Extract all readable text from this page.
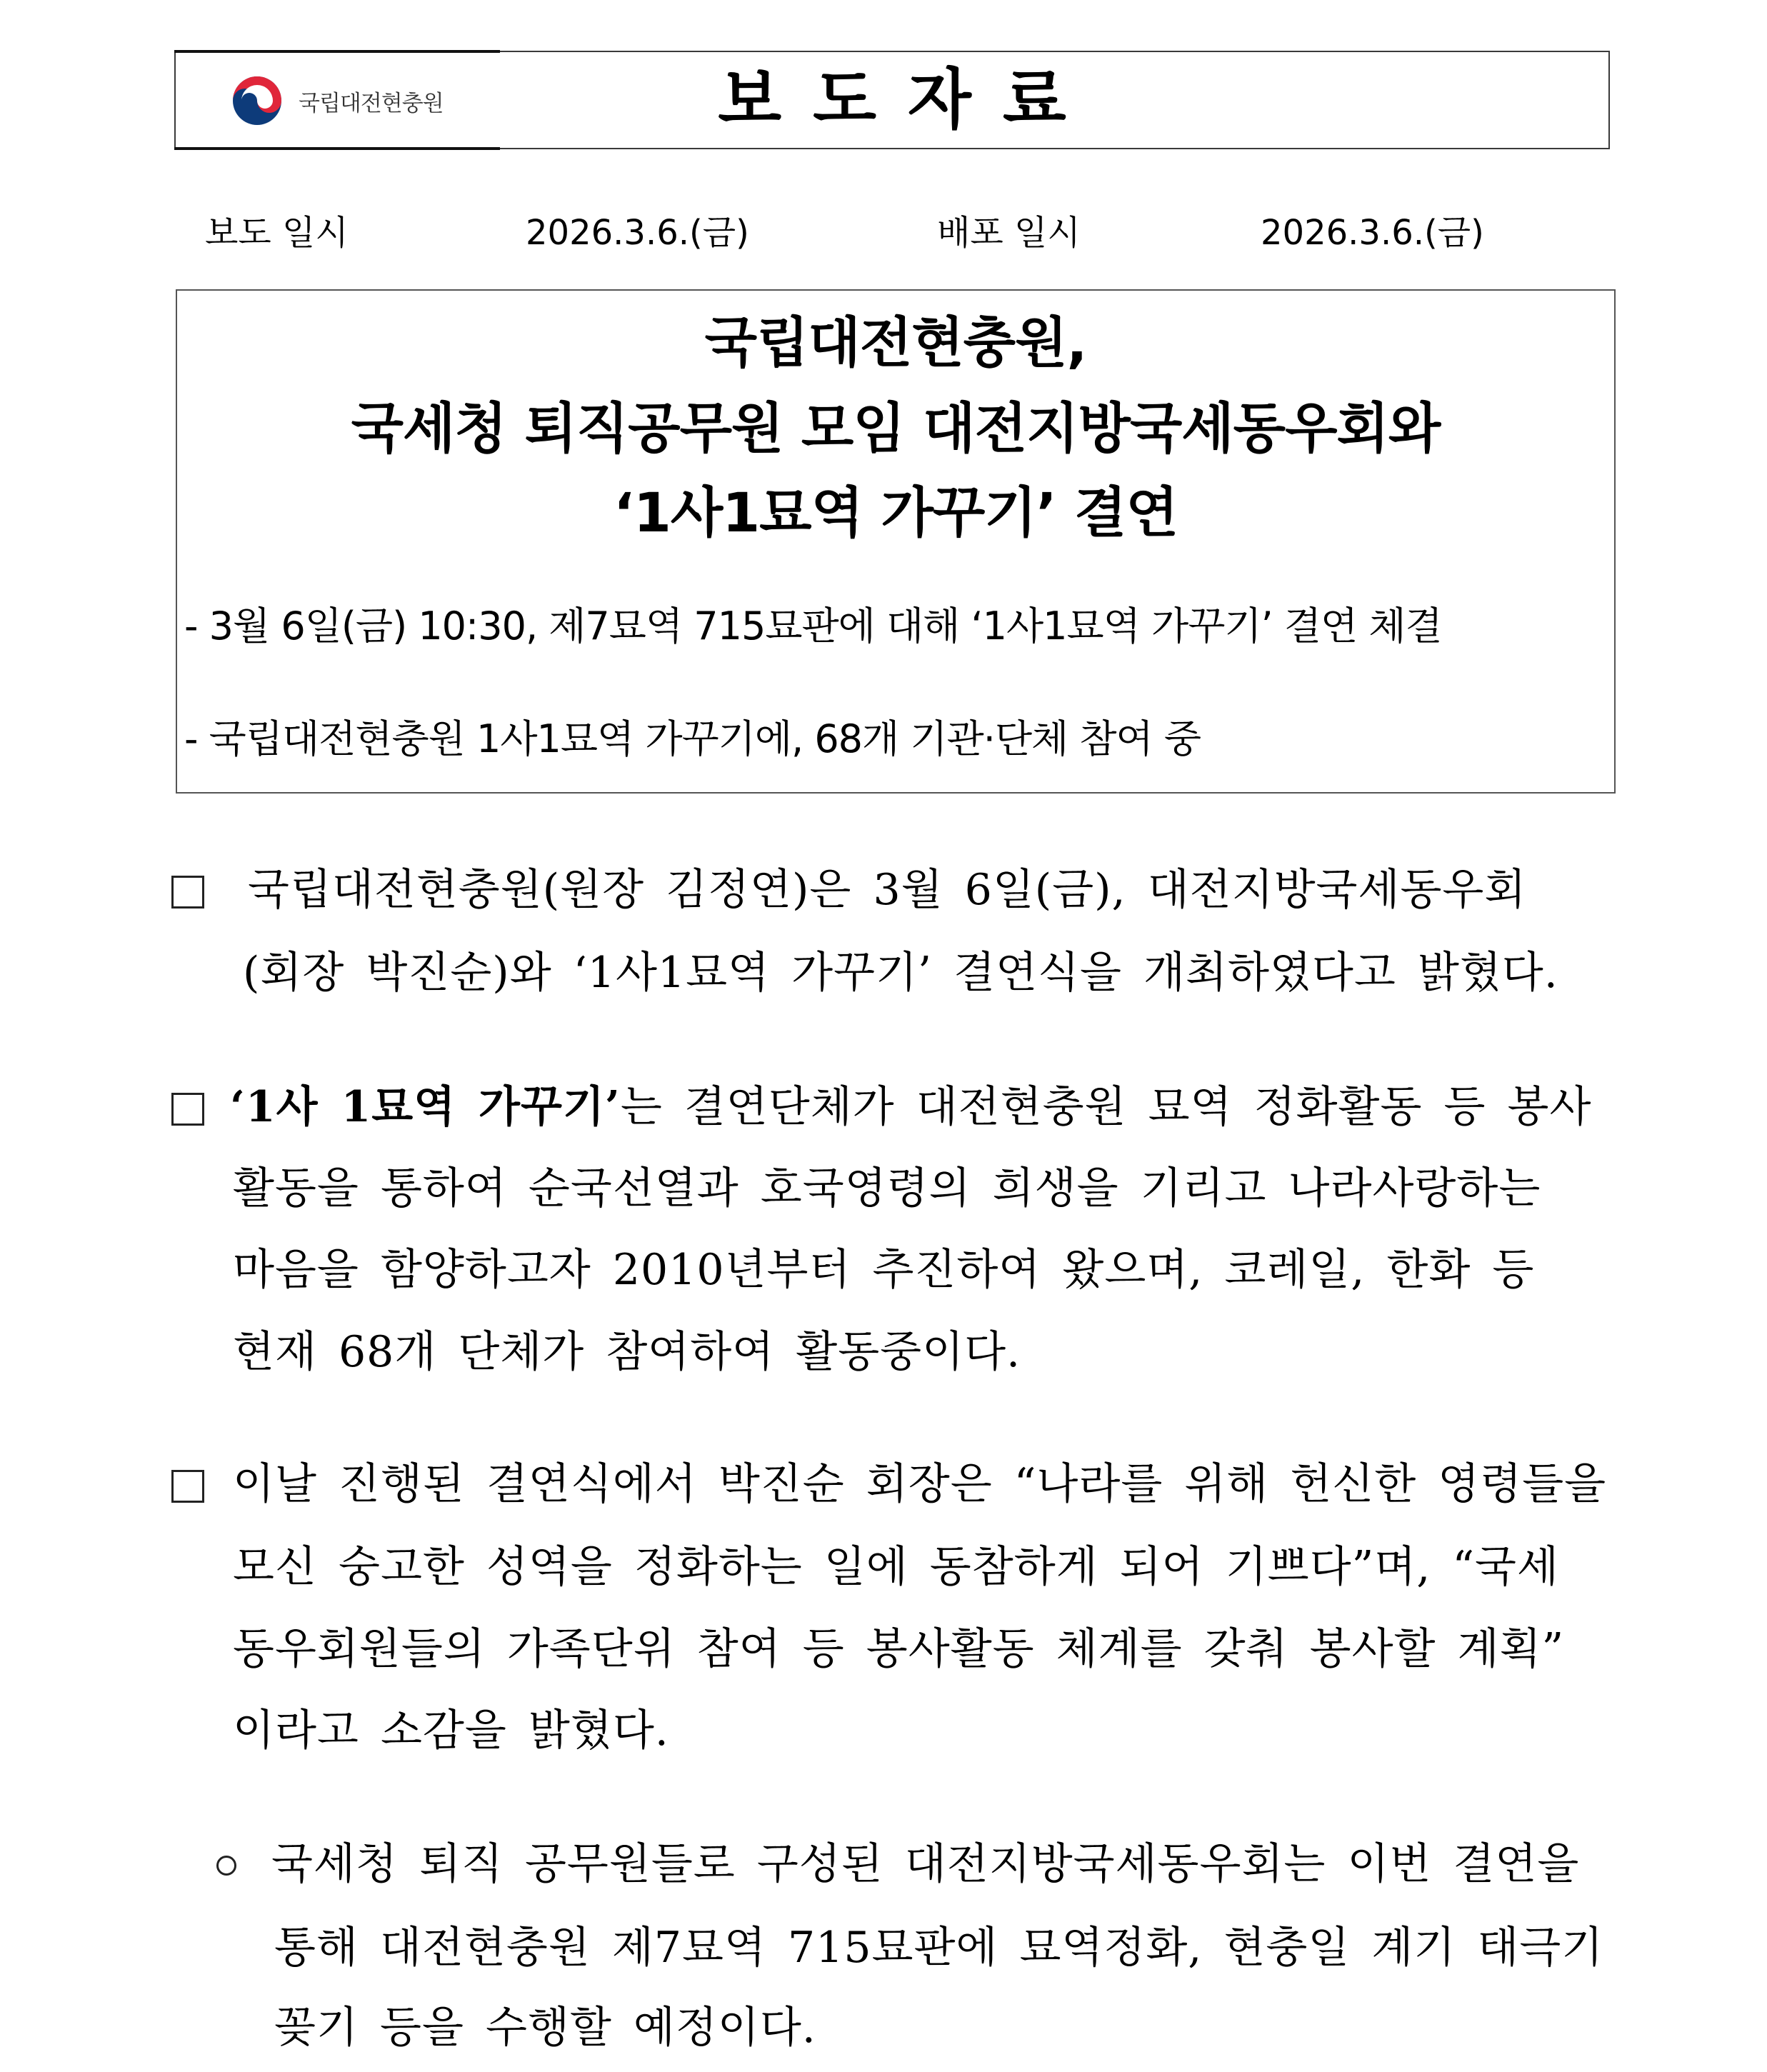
국립대전현충원	보도자료
보도 일시	2026.3.6.(금)	배포 일시	2026.3.6.(금)
국립대전현충원,
국세청 퇴직공무원 모임 대전지방국세동우회와
‘1사1묘역 가꾸기’ 결연
- 3월 6일(금) 10:30, 제7묘역 715묘판에 대해 ‘1사1묘역 가꾸기’ 결연 체결
- 국립대전현충원 1사1묘역 가꾸기에, 68개 기관·단체 참여 중
국립대전현충원(원장 김정연)은 3월 6일(금), 대전지방국세동우회
(회장 박진순)와 ‘1사1묘역 가꾸기’ 결연식을 개최하였다고 밝혔다.
‘1사 1묘역 가꾸기’는 결연단체가 대전현충원 묘역 정화활동 등 봉사
활동을 통하여 순국선열과 호국영령의 희생을 기리고 나라사랑하는
마음을 함양하고자 2010년부터 추진하여 왔으며, 코레일, 한화 등
현재 68개 단체가 참여하여 활동중이다.
이날 진행된 결연식에서 박진순 회장은 “나라를 위해 헌신한 영령들을
모신 숭고한 성역을 정화하는 일에 동참하게 되어 기쁘다”며, “국세
동우회원들의 가족단위 참여 등 봉사활동 체계를 갖춰 봉사할 계획”
이라고 소감을 밝혔다.
국세청 퇴직 공무원들로 구성된 대전지방국세동우회는 이번 결연을
통해 대전현충원 제7묘역 715묘판에 묘역정화, 현충일 계기 태극기
꽂기 등을 수행할 예정이다.
